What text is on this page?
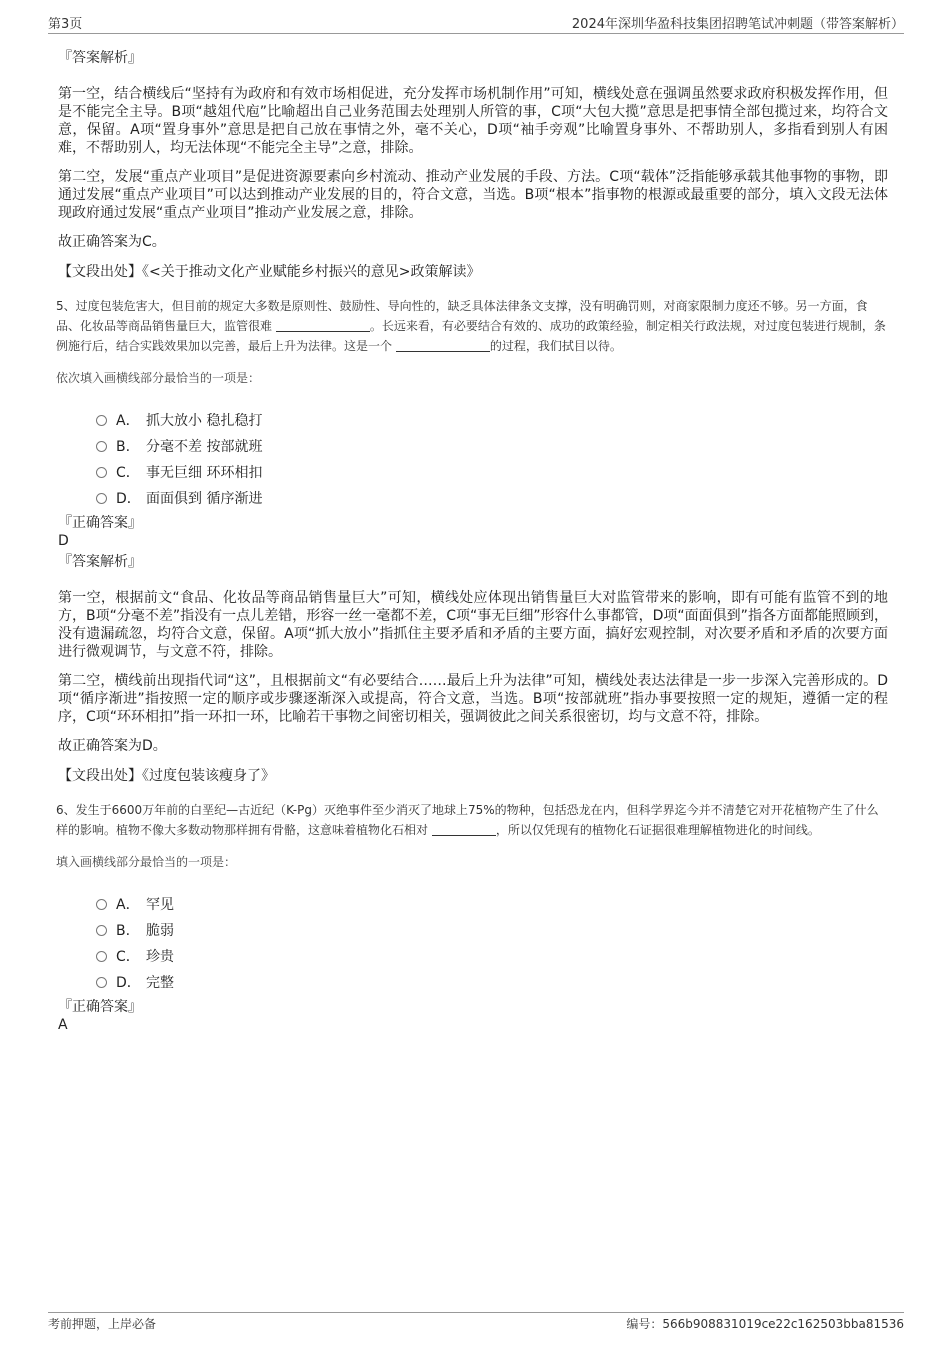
第3页	2024年深圳华盈科技集团招聘笔试冲刺题（带答案解析）
『答案解析』
第一空，结合横线后“坚持有为政府和有效市场相促进，充分发挥市场机制作用”可知，横线处意在强调虽然要求政府积极发挥作用，但是不能完全主导。B项“越俎代庖”比喻超出自己业务范围去处理别人所管的事，C项“大包大揽”意思是把事情全部包揽过来，均符合文意，保留。A项“置身事外”意思是把自己放在事情之外，毫不关心，D项“袖手旁观”比喻置身事外、不帮助别人，多指看到别人有困难，不帮助别人，均无法体现“不能完全主导”之意，排除。
第二空，发展“重点产业项目”是促进资源要素向乡村流动、推动产业发展的手段、方法。C项“载体”泛指能够承载其他事物的事物，即通过发展“重点产业项目”可以达到推动产业发展的目的，符合文意，当选。B项“根本”指事物的根源或最重要的部分，填入文段无法体现政府通过发展“重点产业项目”推动产业发展之意，排除。
故正确答案为C。
【文段出处】《<关于推动文化产业赋能乡村振兴的意见>政策解读》
5、过度包装危害大，但目前的规定大多数是原则性、鼓励性、导向性的，缺乏具体法律条文支撑，没有明确罚则，对商家限制力度还不够。另一方面，食品、化妆品等商品销售量巨大，监管很难	。长远来看，有必要结合有效的、成功的政策经验，制定相关行政法规，对过度包装进行规制，条例施行后，结合实践效果加以完善，最后上升为法律。这是一个	的过程，我们拭目以待。
依次填入画横线部分最恰当的一项是：
A． 抓大放小 稳扎稳打
B. 分毫不差 按部就班
C． 事无巨细 环环相扣
D． 面面俱到 循序渐进
『正确答案』
D
『答案解析』
第一空，根据前文“食品、化妆品等商品销售量巨大”可知，横线处应体现出销售量巨大对监管带来的影响，即有可能有监管不到的地方，B项“分毫不差”指没有一点儿差错，形容一丝一毫都不差，C项“事无巨细”形容什么事都管，D项“面面俱到”指各方面都能照顾到，没有遗漏疏忽，均符合文意，保留。A项“抓大放小”指抓住主要矛盾和矛盾的主要方面，搞好宏观控制，对次要矛盾和矛盾的次要方面进行微观调节，与文意不符，排除。
第二空，横线前出现指代词“这”，且根据前文“有必要结合……最后上升为法律”可知，横线处表达法律是一步一步深入完善形成的。D项“循序渐进”指按照一定的顺序或步骤逐渐深入或提高，符合文意，当选。B项“按部就班”指办事要按照一定的规矩，遵循一定的程序，C项“环环相扣”指一环扣一环，比喻若干事物之间密切相关，强调彼此之间关系很密切，均与文意不符，排除。
故正确答案为D。
【文段出处】《过度包装该瘦身了》
6、发生于6600万年前的白垩纪—古近纪（K-Pg）灭绝事件至少消灭了地球上75%的物种，包括恐龙在内，但科学界迄今并不清楚它对开花植物产生了什么样的影响。植物不像大多数动物那样拥有骨骼，这意味着植物化石相对	，所以仅凭现有的植物化石证据很难理解植物进化的时间线。
填入画横线部分最恰当的一项是：
A． 罕见
B. 脆弱
C． 珍贵
D． 完整
『正确答案』
A
考前押题，上岸必备	编号：566b908831019ce22c162503bba81536
